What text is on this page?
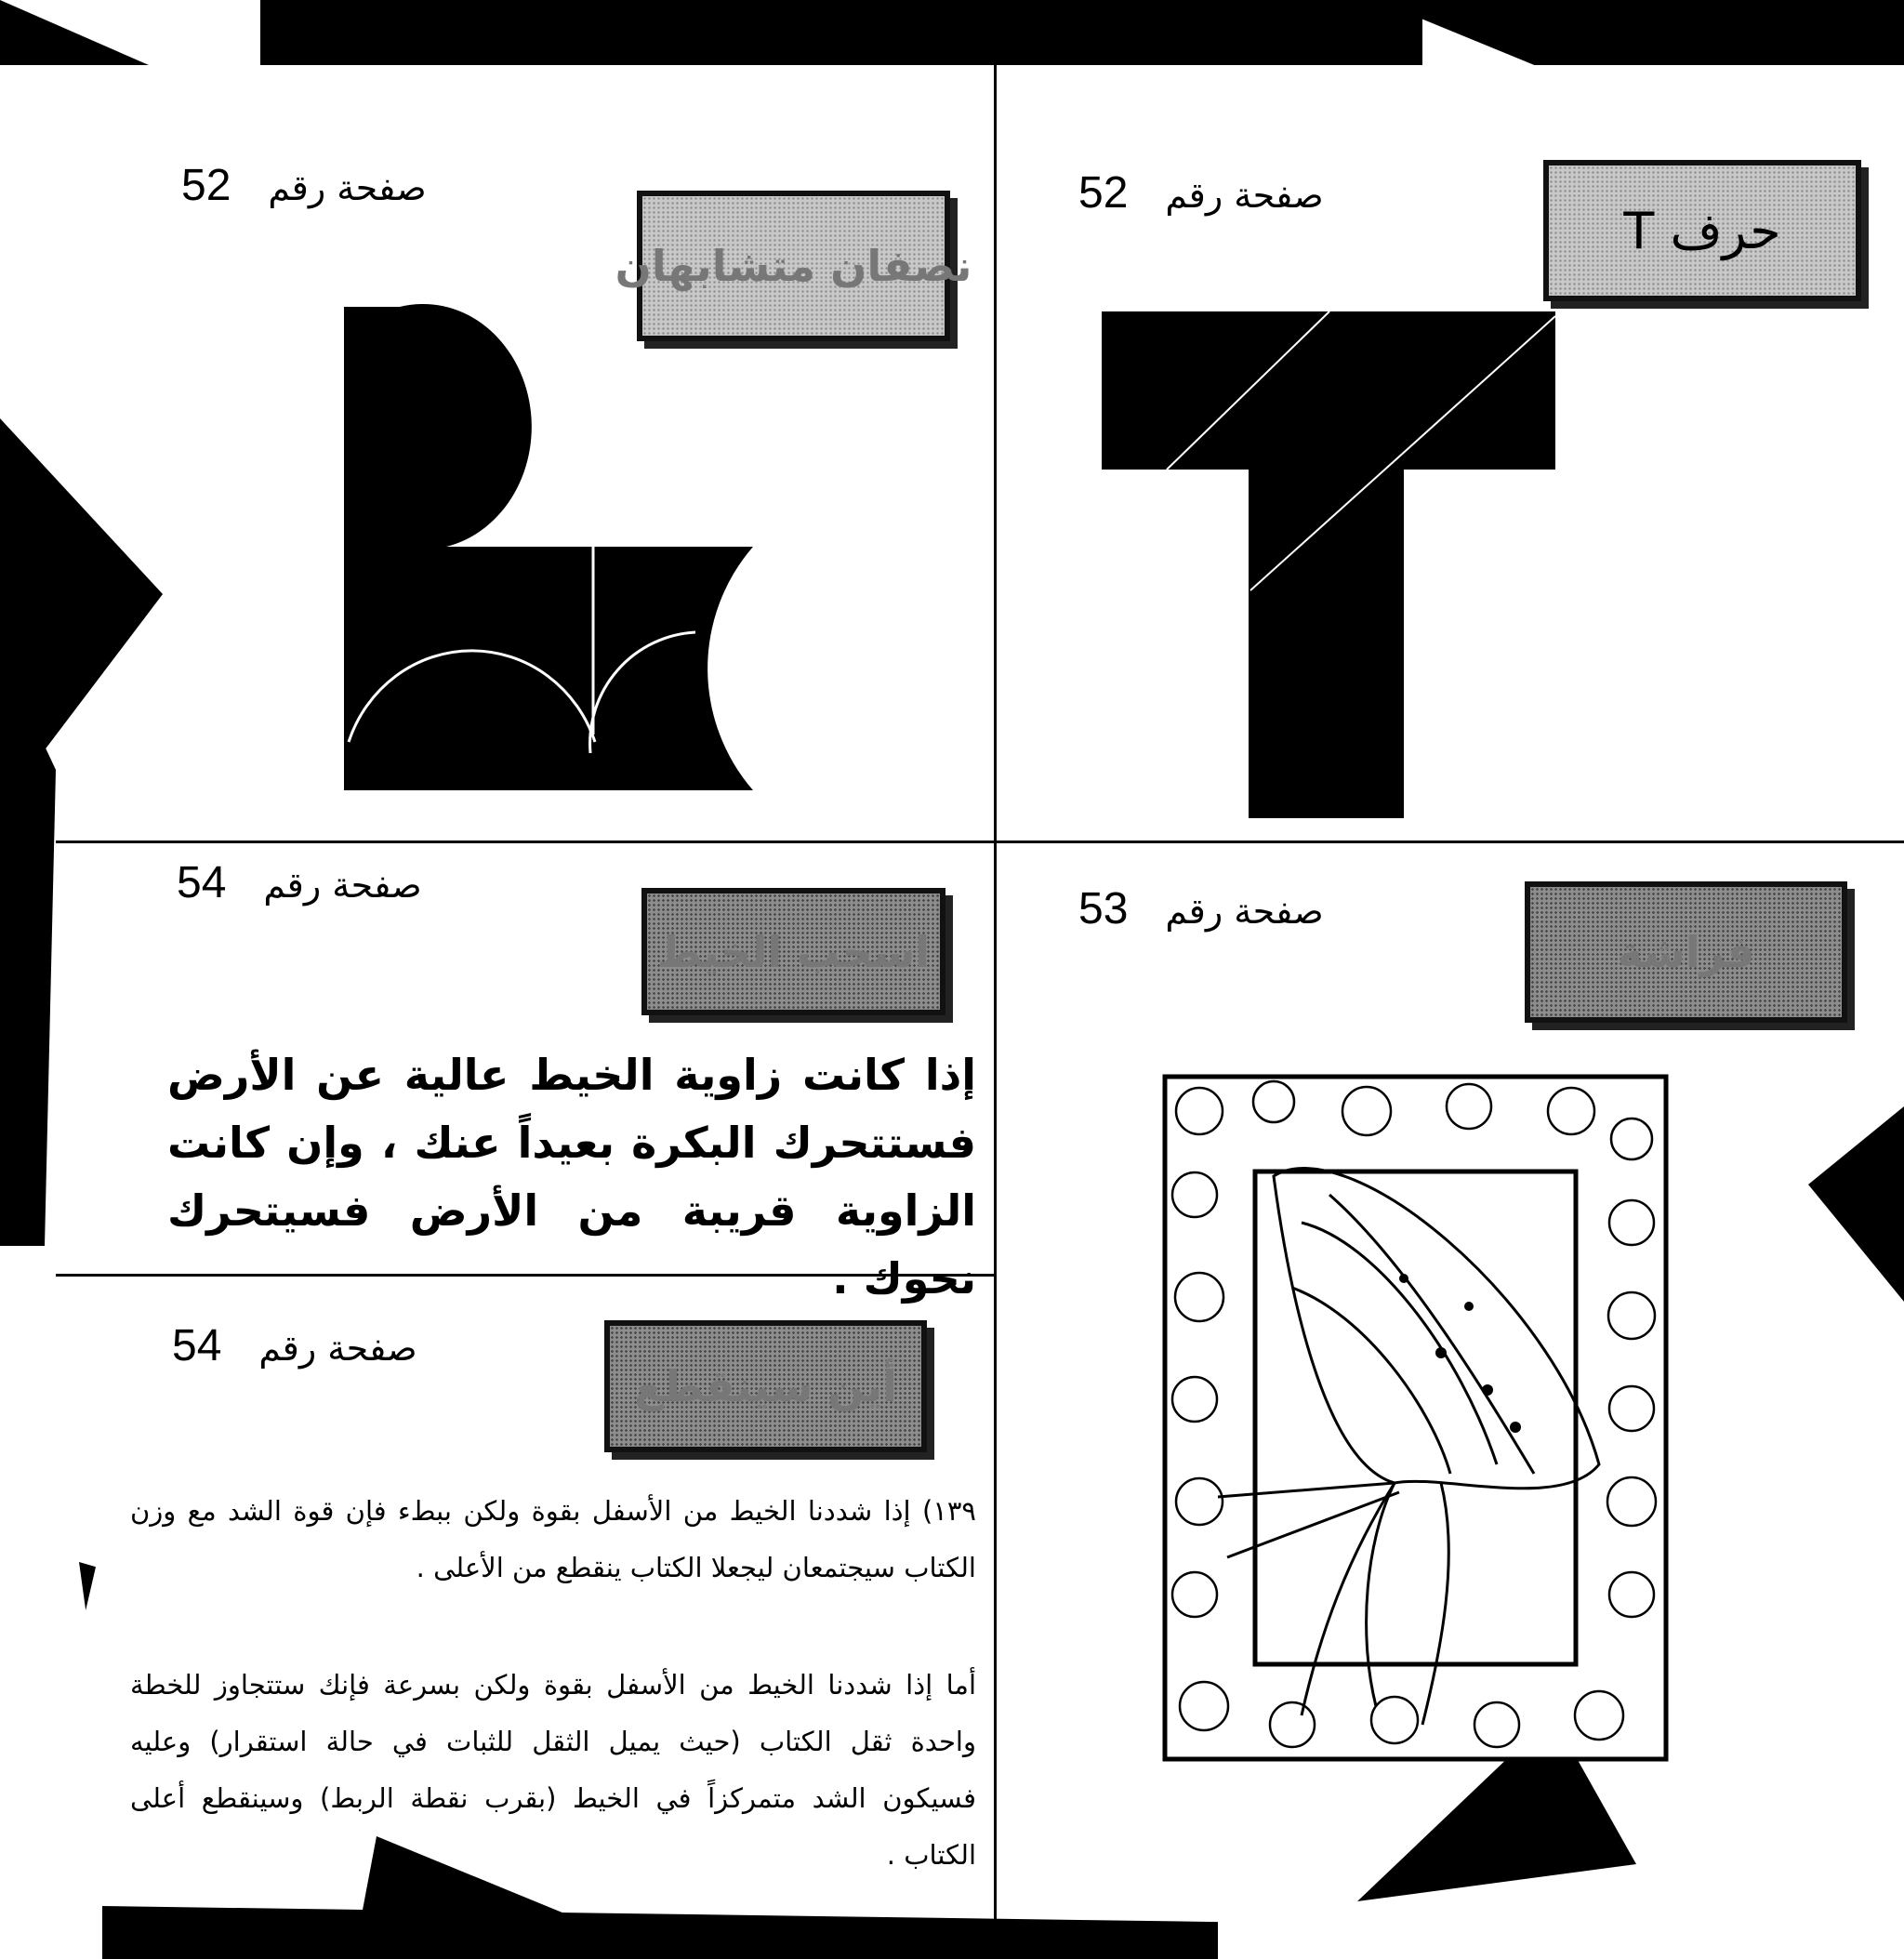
صفحة رقم
52
حرف T
صفحة رقم
52
نصفان متشابهان
صفحة رقم
53
فراشة
صفحة رقم
54
اسحب الخيط

إذا كانت زاوية الخيط عالية عن الأرض فستتحرك البكرة بعيداً عنك ، وإن كانت الزاوية قريبة من الأرض فسيتحرك نحوك .

صفحة رقم
54
أين سينقطع

١٣٩) إذا شددنا الخيط من الأسفل بقوة ولكن ببطء فإن قوة الشد مع وزن الكتاب سيجتمعان ليجعلا الكتاب ينقطع من الأعلى .

أما إذا شددنا الخيط من الأسفل بقوة ولكن بسرعة فإنك ستتجاوز للخطة واحدة ثقل الكتاب (حيث يميل الثقل للثبات في حالة استقرار) وعليه فسيكون الشد متمركزاً في الخيط (بقرب نقطة الربط) وسينقطع أعلى الكتاب .
